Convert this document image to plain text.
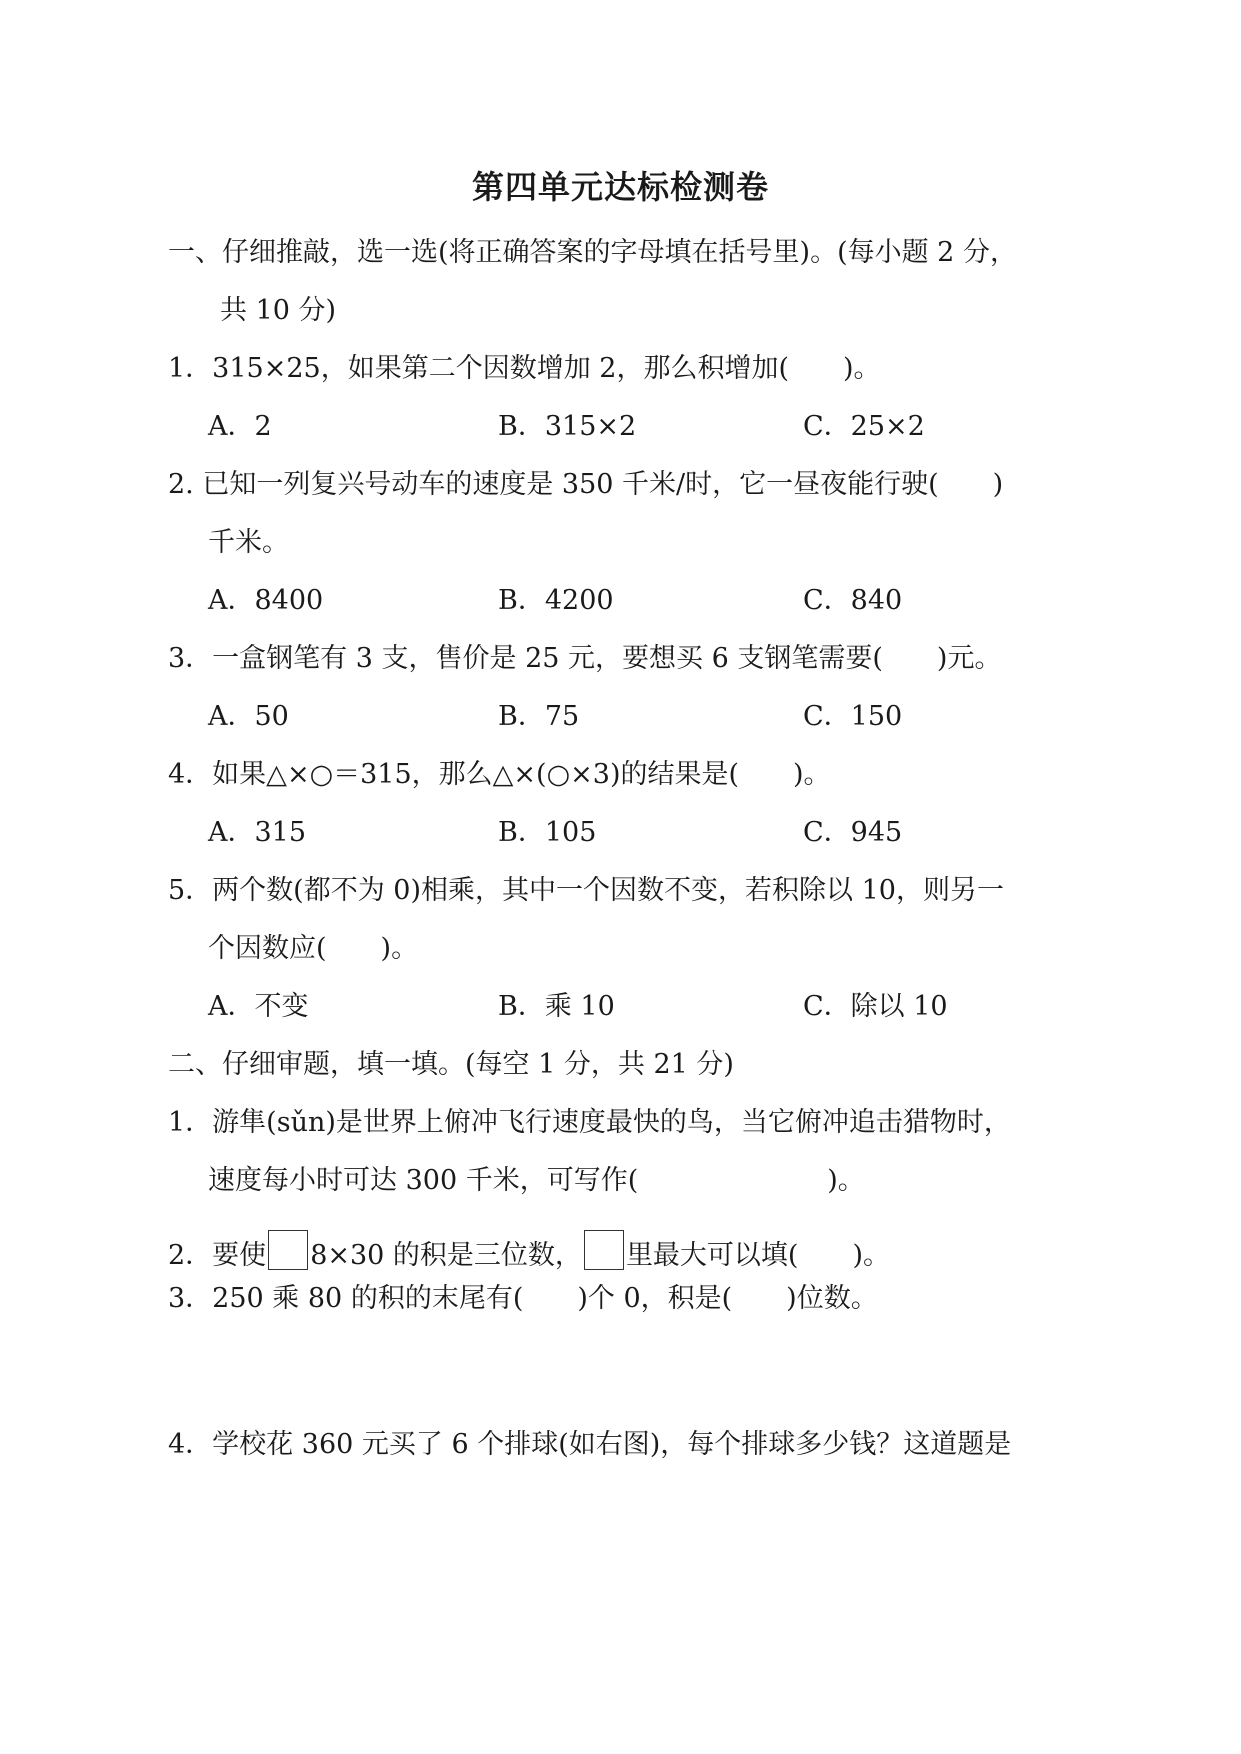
第四单元达标检测卷
一、仔细推敲，选一选(将正确答案的字母填在括号里)。(每小题 2 分，
共 10 分)
1．315×25，如果第二个因数增加 2，那么积增加(　　)。
A．2	B．315×2	C．25×2
2. 已知一列复兴号动车的速度是 350 千米/时，它一昼夜能行驶(　　)
千米。
A．8400	B．4200	C．840
3．一盒钢笔有 3 支，售价是 25 元，要想买 6 支钢笔需要(　　)元。
A．50	B．75	C．150
4．如果△×○＝315，那么△×(○×3)的结果是(　　)。
A．315	B．105	C．945
5．两个数(都不为 0)相乘，其中一个因数不变，若积除以 10，则另一
个因数应(　　)。
A．不变	B．乘 10	C．除以 10
二、仔细审题，填一填。(每空 1 分，共 21 分)
1．游隼(sǔn)是世界上俯冲飞行速度最快的鸟，当它俯冲追击猎物时，
速度每小时可达 300 千米，可写作(　　　　　　　)。
2．要使 8×30 的积是三位数， 里最大可以填(　　)。
3．250 乘 80 的积的末尾有(　　)个 0，积是(　　)位数。
4．学校花 360 元买了 6 个排球(如右图)，每个排球多少钱？这道题是
